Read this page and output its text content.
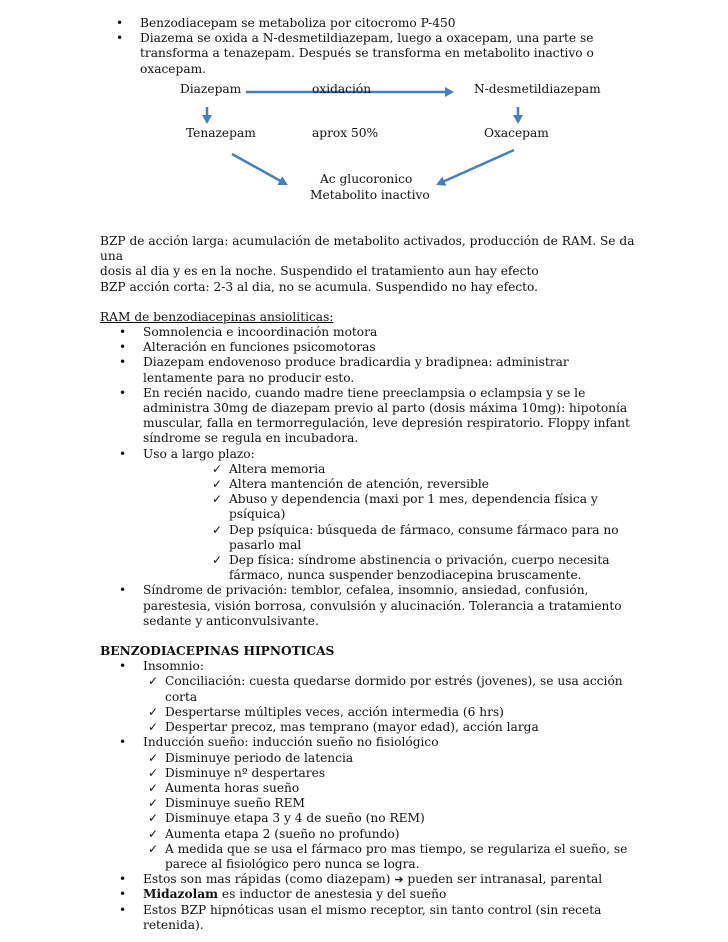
• Benzodiacepam se metaboliza por citocromo P-450
• Diazema se oxida a N-desmetildiazepam, luego a oxacepam, una parte se transforma a tenazepam. Después se transforma en metabolito inactivo o oxacepam.
Diazepam	oxidación	N-desmetildiazepam
Tenazepam	aprox 50%	Oxacepam
Ac glucoronico
Metabolito inactivo
BZP de acción larga: acumulación de metabolito activados, producción de RAM. Se da una
dosis al dia y es en la noche. Suspendido el tratamiento aun hay efecto
BZP acción corta: 2-3 al dia, no se acumula. Suspendido no hay efecto.
RAM de benzodiacepinas ansioliticas:
• Somnolencia e incoordinación motora
• Alteración en funciones psicomotoras
• Diazepam endovenoso produce bradicardia y bradipnea: administrar lentamente para no producir esto.
• En recién nacido, cuando madre tiene preeclampsia o eclampsia y se le administra 30mg de diazepam previo al parto (dosis máxima 10mg): hipotonía muscular, falla en termorregulación, leve depresión respiratorio. Floppy infant síndrome se regula en incubadora.
• Uso a largo plazo:
✓ Altera memoria
✓ Altera mantención de atención, reversible
✓ Abuso y dependencia (maxi por 1 mes, dependencia física y psíquica)
✓ Dep psíquica: búsqueda de fármaco, consume fármaco para no pasarlo mal
✓ Dep física: síndrome abstinencia o privación, cuerpo necesita fármaco, nunca suspender benzodiacepina bruscamente.
• Síndrome de privación: temblor, cefalea, insomnio, ansiedad, confusión, parestesia, visión borrosa, convulsión y alucinación. Tolerancia a tratamiento sedante y anticonvulsivante.
BENZODIACEPINAS HIPNOTICAS
• Insomnio:
✓ Conciliación: cuesta quedarse dormido por estrés (jovenes), se usa acción corta
✓ Despertarse múltiples veces, acción intermedia (6 hrs)
✓ Despertar precoz, mas temprano (mayor edad), acción larga
• Inducción sueño: inducción sueño no fisiológico
✓ Disminuye periodo de latencia
✓ Disminuye nº despertares
✓ Aumenta horas sueño
✓ Disminuye sueño REM
✓ Disminuye etapa 3 y 4 de sueño (no REM)
✓ Aumenta etapa 2 (sueño no profundo)
✓ A medida que se usa el fármaco pro mas tiempo, se regulariza el sueño, se parece al fisiológico pero nunca se logra.
• Estos son mas rápidas (como diazepam) ➔ pueden ser intranasal, parental
• Midazolam es inductor de anestesia y del sueño
• Estos BZP hipnóticas usan el mismo receptor, sin tanto control (sin receta retenida).
